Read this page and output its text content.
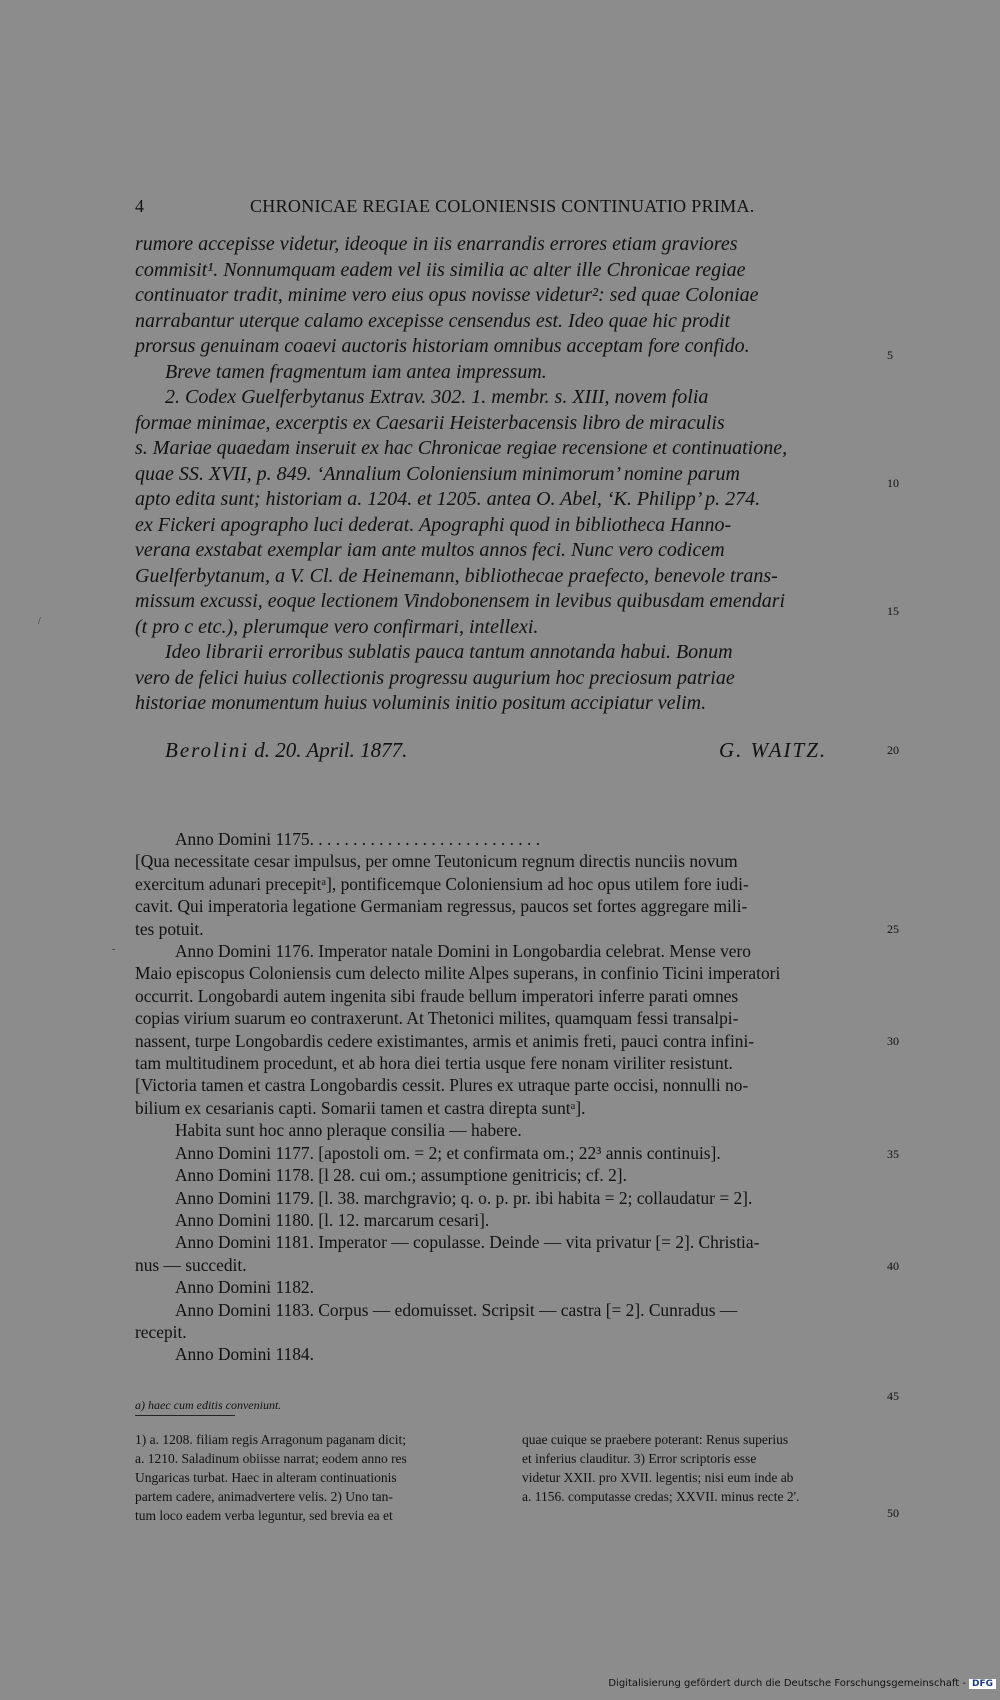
4	CHRONICAE REGIAE COLONIENSIS CONTINUATIO PRIMA.

rumore accepisse videtur, ideoque in iis enarrandis errores etiam graviores

commisit¹. Nonnumquam eadem vel iis similia ac alter ille Chronicae regiae

continuator tradit, minime vero eius opus novisse videtur²: sed quae Coloniae

narrabantur uterque calamo excepisse censendus est. Ideo quae hic prodit

prorsus genuinam coaevi auctoris historiam omnibus acceptam fore confido.

Breve tamen fragmentum iam antea impressum.

2. Codex Guelferbytanus Extrav. 302. 1. membr. s. XIII, novem folia

formae minimae, excerptis ex Caesarii Heisterbacensis libro de miraculis

s. Mariae quaedam inseruit ex hac Chronicae regiae recensione et continuatione,

quae SS. XVII, p. 849. ‘Annalium Coloniensium minimorum’ nomine parum

apto edita sunt; historiam a. 1204. et 1205. antea O. Abel, ‘K. Philipp’ p. 274.

ex Fickeri apographo luci dederat. Apographi quod in bibliotheca Hanno-

verana exstabat exemplar iam ante multos annos feci. Nunc vero codicem

Guelferbytanum, a V. Cl. de Heinemann, bibliothecae praefecto, benevole trans-

missum excussi, eoque lectionem Vindobonensem in levibus quibusdam emendari

(t pro c etc.), plerumque vero confirmari, intellexi.

Ideo librarii erroribus sublatis pauca tantum annotanda habui. Bonum

vero de felici huius collectionis progressu augurium hoc preciosum patriae

historiae monumentum huius voluminis initio positum accipiatur velim.

Berolini d. 20. April. 1877.	G. WAITZ.

Anno Domini 1175. . . . . . . . . . . . . . . . . . . . . . . . . . .

[Qua necessitate cesar impulsus, per omne Teutonicum regnum directis nunciis novum

exercitum adunari precepitᵃ], pontificemque Coloniensium ad hoc opus utilem fore iudi-

cavit. Qui imperatoria legatione Germaniam regressus, paucos set fortes aggregare mili-

tes potuit.

Anno Domini 1176. Imperator natale Domini in Longobardia celebrat. Mense vero

Maio episcopus Coloniensis cum delecto milite Alpes superans, in confinio Ticini imperatori

occurrit. Longobardi autem ingenita sibi fraude bellum imperatori inferre parati omnes

copias virium suarum eo contraxerunt. At Thetonici milites, quamquam fessi transalpi-

nassent, turpe Longobardis cedere existimantes, armis et animis freti, pauci contra infini-

tam multitudinem procedunt, et ab hora diei tertia usque fere nonam viriliter resistunt.

[Victoria tamen et castra Longobardis cessit. Plures ex utraque parte occisi, nonnulli no-

bilium ex cesarianis capti. Somarii tamen et castra direpta suntᵃ].

Habita sunt hoc anno pleraque consilia — habere.

Anno Domini 1177. [apostoli om. = 2; et confirmata om.; 22³ annis continuis].

Anno Domini 1178. [l 28. cui om.; assumptione genitricis; cf. 2].

Anno Domini 1179. [l. 38. marchgravio; q. o. p. pr. ibi habita = 2; collaudatur = 2].

Anno Domini 1180. [l. 12. marcarum cesari].

Anno Domini 1181. Imperator — copulasse. Deinde — vita privatur [= 2]. Christia-

nus — succedit.

Anno Domini 1182.

Anno Domini 1183. Corpus — edomuisset. Scripsit — castra [= 2]. Cunradus —

recepit.

Anno Domini 1184.

a) haec cum editis conveniunt.

1) a. 1208. filiam regis Arragonum paganam dicit;

a. 1210. Saladinum obiisse narrat; eodem anno res

Ungaricas turbat. Haec in alteram continuationis

partem cadere, animadvertere velis. 2) Uno tan-

tum loco eadem verba leguntur, sed brevia ea et

quae cuique se praebere poterant: Renus superius

et inferius clauditur. 3) Error scriptoris esse

videtur XXII. pro XVII. legentis; nisi eum inde ab

a. 1156. computasse credas; XXVII. minus recte 2'.

5
10
15
20
25
30
35
40
45
50
/
-
Digitalisierung gefördert durch die Deutsche Forschungsgemeinschaft - DFG
